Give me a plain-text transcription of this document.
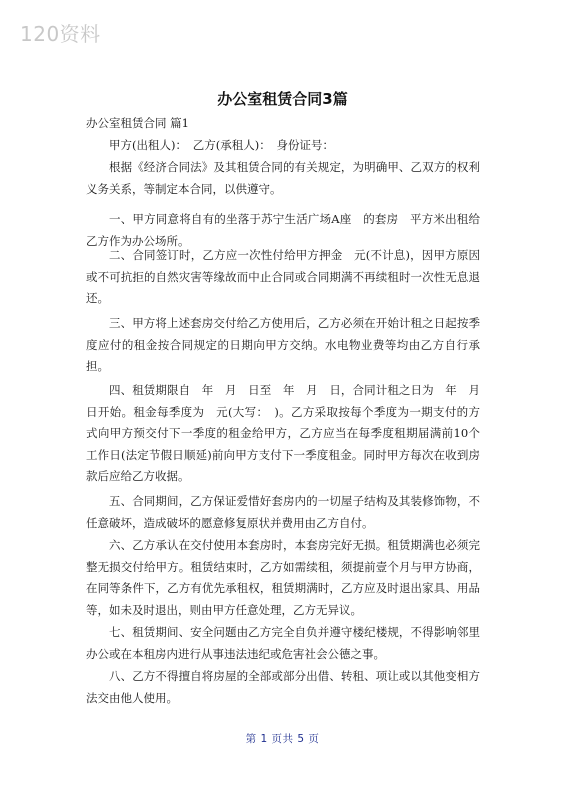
120资料
办公室租赁合同3篇

办公室租赁合同 篇1

甲方(出租人)：　乙方(承租人)：　身份证号：

根据《经济合同法》及其租赁合同的有关规定，为明确甲、乙双方的权利义务关系，等制定本合同，以供遵守。

一、甲方同意将自有的坐落于苏宁生活广场A座　的套房　平方米出租给乙方作为办公场所。

二、合同签订时，乙方应一次性付给甲方押金　元(不计息)，因甲方原因或不可抗拒的自然灾害等缘故而中止合同或合同期满不再续租时一次性无息退还。

三、甲方将上述套房交付给乙方使用后，乙方必须在开始计租之日起按季度应付的租金按合同规定的日期向甲方交纳。水电物业费等均由乙方自行承担。

四、租赁期限自　年　月　日至　年　月　日，合同计租之日为　年　月　日开始。租金每季度为　元(大写：　)。乙方采取按每个季度为一期支付的方式向甲方预交付下一季度的租金给甲方，乙方应当在每季度租期届满前10个工作日(法定节假日顺延)前向甲方支付下一季度租金。同时甲方每次在收到房款后应给乙方收据。

五、合同期间，乙方保证爱惜好套房内的一切屋子结构及其装修饰物，不任意破坏，造成破坏的愿意修复原状并费用由乙方自付。

六、乙方承认在交付使用本套房时，本套房完好无损。租赁期满也必须完整无损交付给甲方。租赁结束时，乙方如需续租，须提前壹个月与甲方协商，在同等条件下，乙方有优先承租权，租赁期满时，乙方应及时退出家具、用品等，如未及时退出，则由甲方任意处理，乙方无异议。

七、租赁期间、安全问题由乙方完全自负并遵守楼纪楼规，不得影响邻里办公或在本租房内进行从事违法违纪或危害社会公德之事。

八、乙方不得擅自将房屋的全部或部分出借、转租、项让或以其他变相方法交由他人使用。

第 1 页共 5 页
